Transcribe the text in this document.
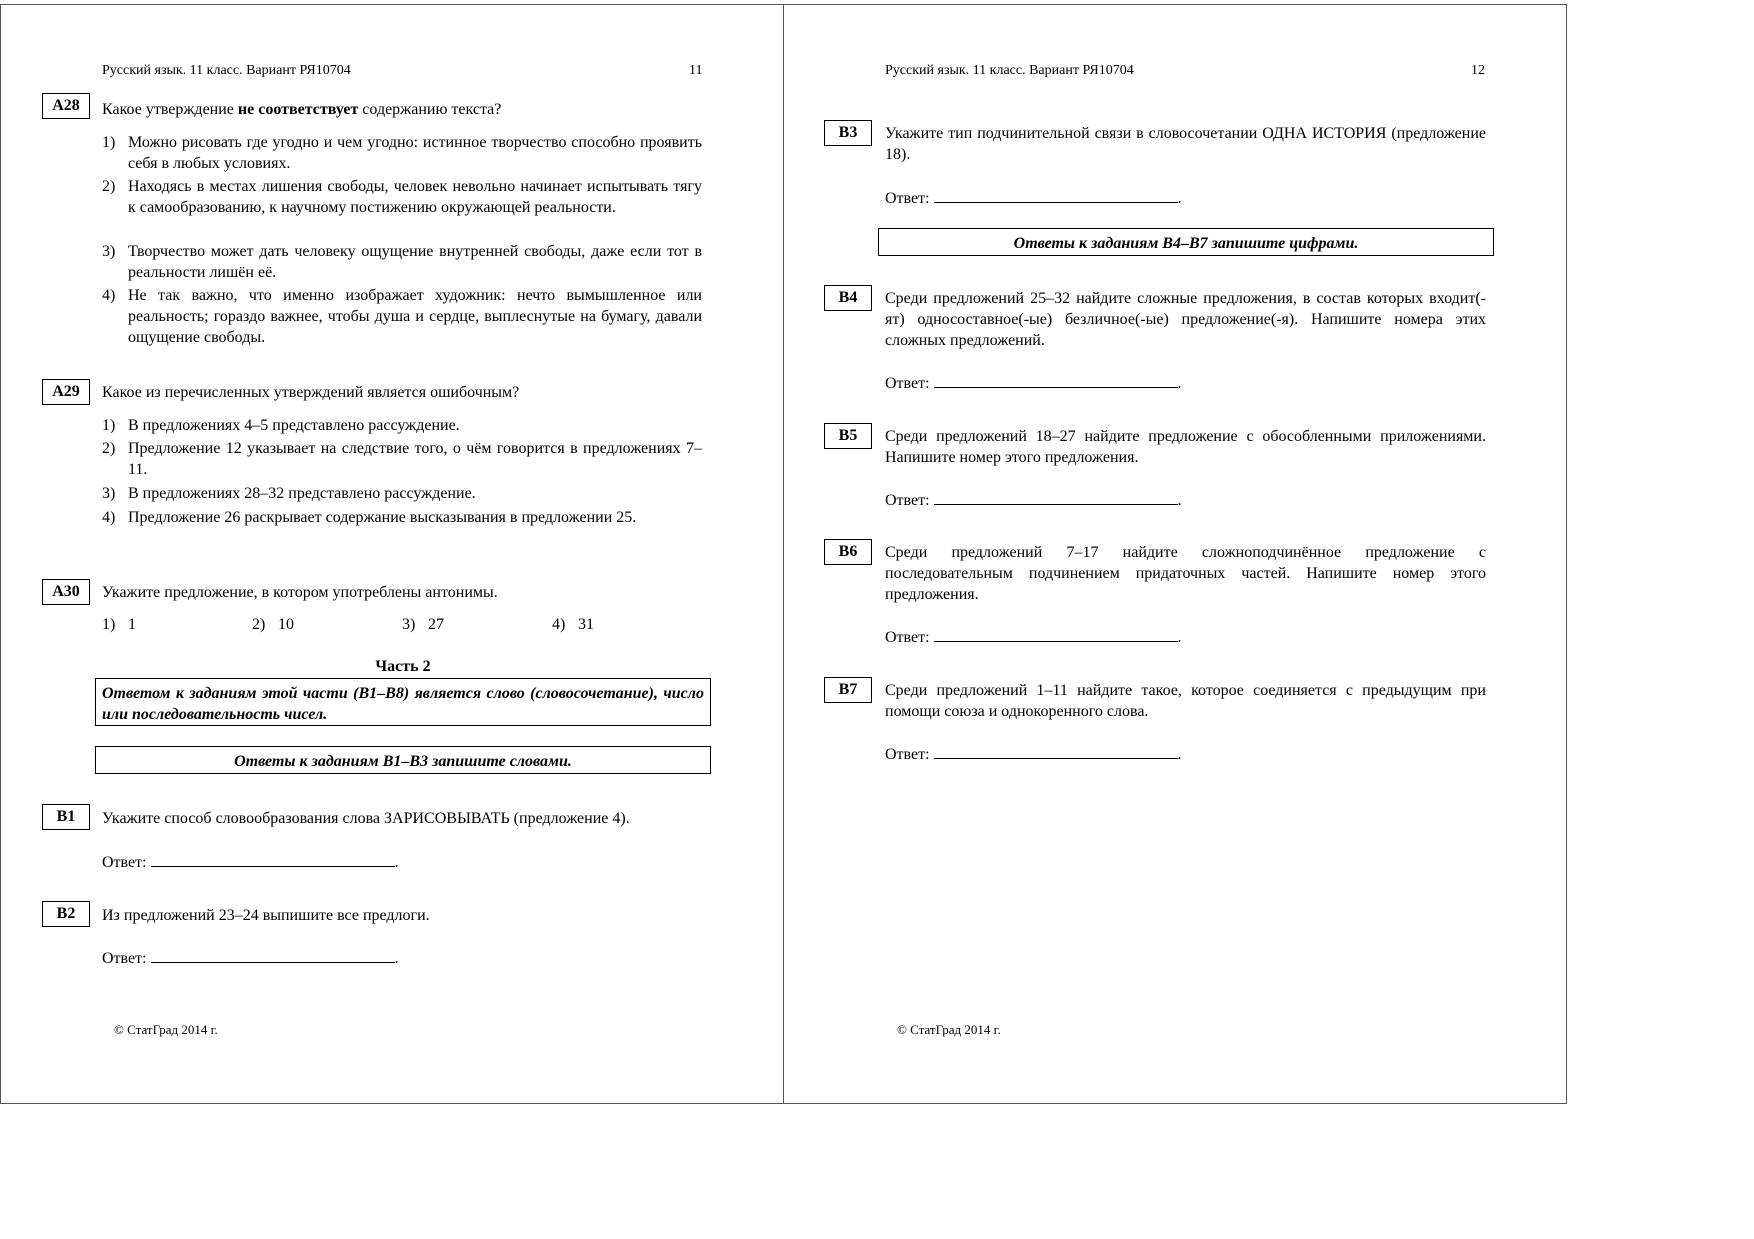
Русский язык. 11 класс. Вариант РЯ10704	11
A28	Какое утверждение не соответствует содержанию текста?
1) Можно рисовать где угодно и чем угодно: истинное творчество способно проявить себя в любых условиях.
2) Находясь в местах лишения свободы, человек невольно начинает испытывать тягу к самообразованию, к научному постижению окружающей реальности.
3) Творчество может дать человеку ощущение внутренней свободы, даже если тот в реальности лишён её.
4) Не так важно, что именно изображает художник: нечто вымышленное или реальность; гораздо важнее, чтобы душа и сердце, выплеснутые на бумагу, давали ощущение свободы.
A29	Какое из перечисленных утверждений является ошибочным?
1) В предложениях 4–5 представлено рассуждение.
2) Предложение 12 указывает на следствие того, о чём говорится в предложениях 7–11.
3) В предложениях 28–32 представлено рассуждение.
4) Предложение 26 раскрывает содержание высказывания в предложении 25.
A30	Укажите предложение, в котором употреблены антонимы.
1) 1	2) 10	3) 27	4) 31
Часть 2
Ответом к заданиям этой части (В1–В8) является слово (словосочетание), число или последовательность чисел.
Ответы к заданиям В1–В3 запишите словами.
B1	Укажите способ словообразования слова ЗАРИСОВЫВАТЬ (предложение 4).
Ответ:	.
B2	Из предложений 23–24 выпишите все предлоги.
Ответ:	.
© СтатГрад 2014 г.
Русский язык. 11 класс. Вариант РЯ10704	12
B3	Укажите тип подчинительной связи в словосочетании ОДНА ИСТОРИЯ (предложение 18).
Ответ:	.
Ответы к заданиям В4–В7 запишите цифрами.
B4	Среди предложений 25–32 найдите сложные предложения, в состав которых входит(-ят) односоставное(-ые) безличное(-ые) предложение(-я). Напишите номера этих сложных предложений.
Ответ:	.
B5	Среди предложений 18–27 найдите предложение с обособленными приложениями. Напишите номер этого предложения.
Ответ:	.
B6	Среди предложений 7–17 найдите сложноподчинённое предложение с последовательным подчинением придаточных частей. Напишите номер этого предложения.
Ответ:	.
B7	Среди предложений 1–11 найдите такое, которое соединяется с предыдущим при помощи союза и однокоренного слова.
Ответ:	.
© СтатГрад 2014 г.
